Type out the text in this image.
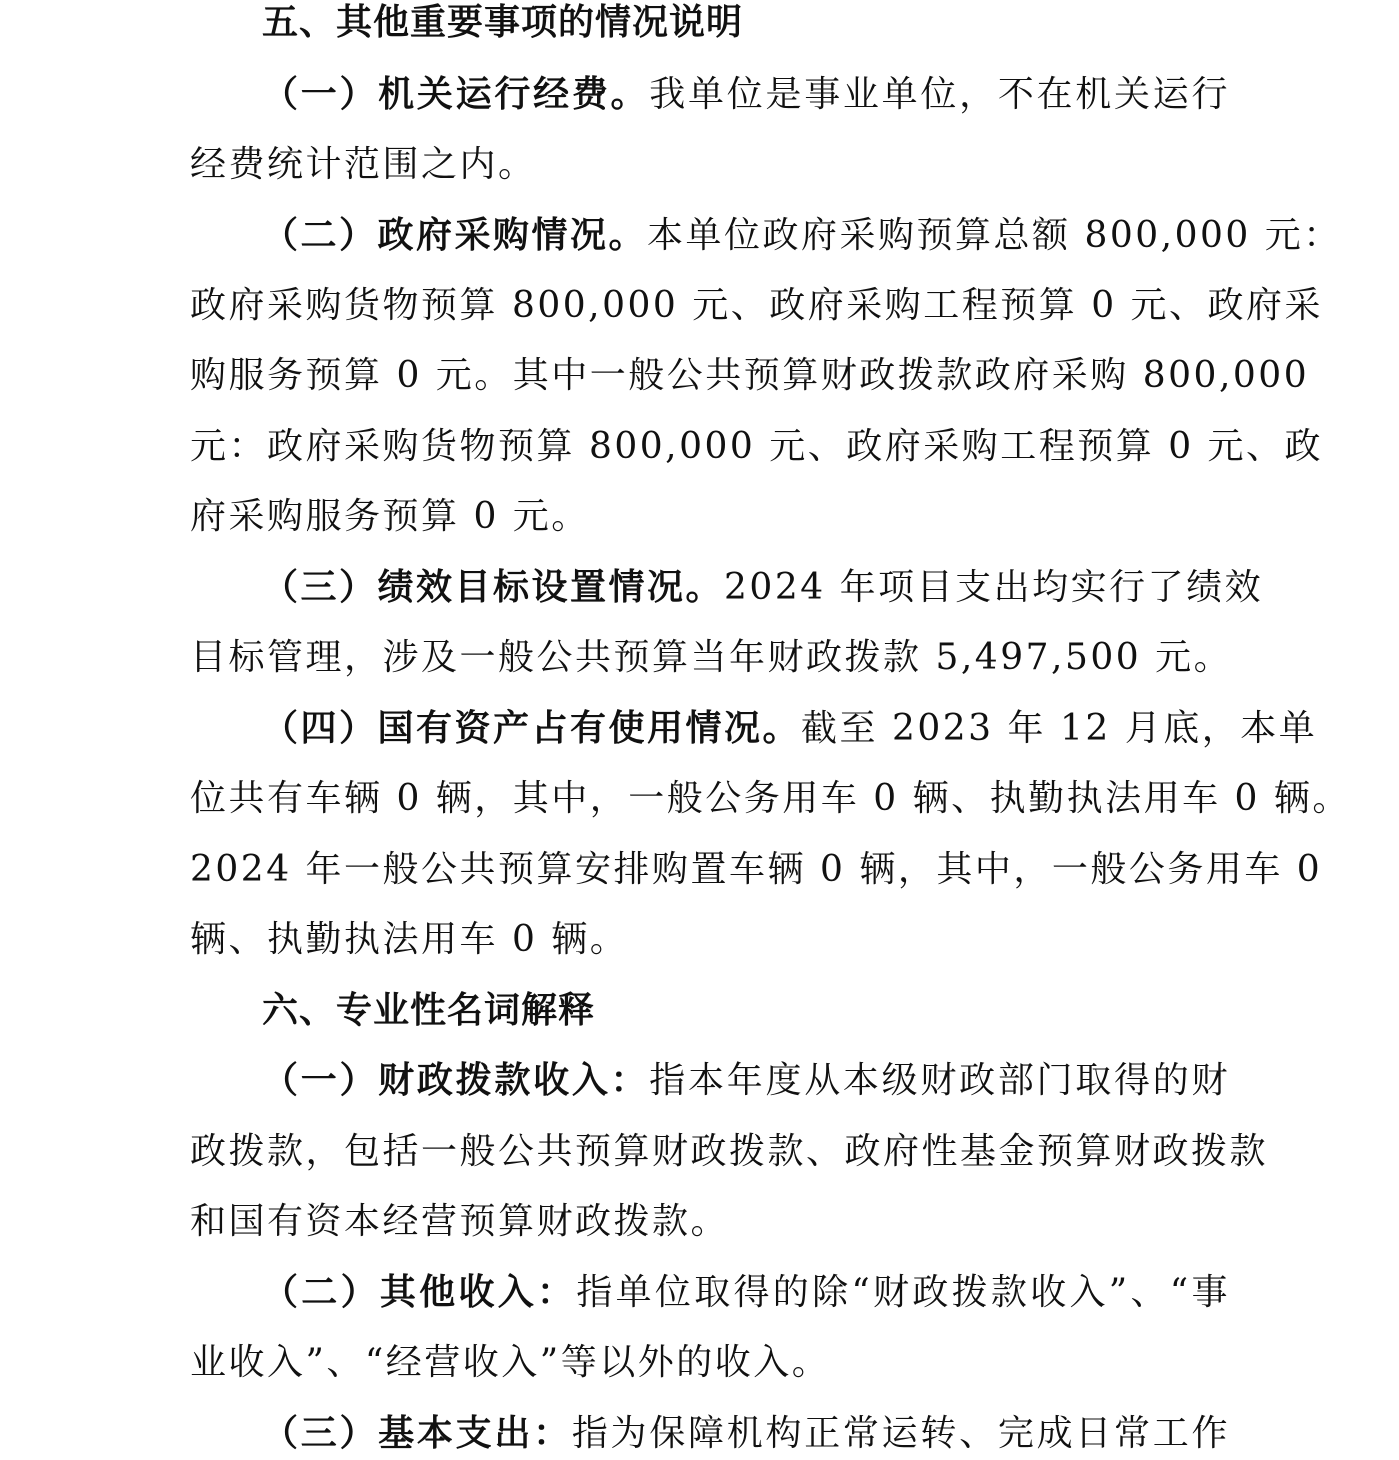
五、其他重要事项的情况说明
（一）机关运行经费。我单位是事业单位，不在机关运行
经费统计范围之内。
（二）政府采购情况。本单位政府采购预算总额 800,000 元：
政府采购货物预算 800,000 元、政府采购工程预算 0 元、政府采
购服务预算 0 元。其中一般公共预算财政拨款政府采购 800,000
元：政府采购货物预算 800,000 元、政府采购工程预算 0 元、政
府采购服务预算 0 元。
（三）绩效目标设置情况。2024 年项目支出均实行了绩效
目标管理，涉及一般公共预算当年财政拨款 5,497,500 元。
（四）国有资产占有使用情况。截至 2023 年 12 月底，本单
位共有车辆 0 辆，其中，一般公务用车 0 辆、执勤执法用车 0 辆。
2024 年一般公共预算安排购置车辆 0 辆，其中，一般公务用车 0
辆、执勤执法用车 0 辆。
六、专业性名词解释
（一）财政拨款收入：指本年度从本级财政部门取得的财
政拨款，包括一般公共预算财政拨款、政府性基金预算财政拨款
和国有资本经营预算财政拨款。
（二）其他收入：指单位取得的除“财政拨款收入”、“事
业收入”、“经营收入”等以外的收入。
（三）基本支出：指为保障机构正常运转、完成日常工作
